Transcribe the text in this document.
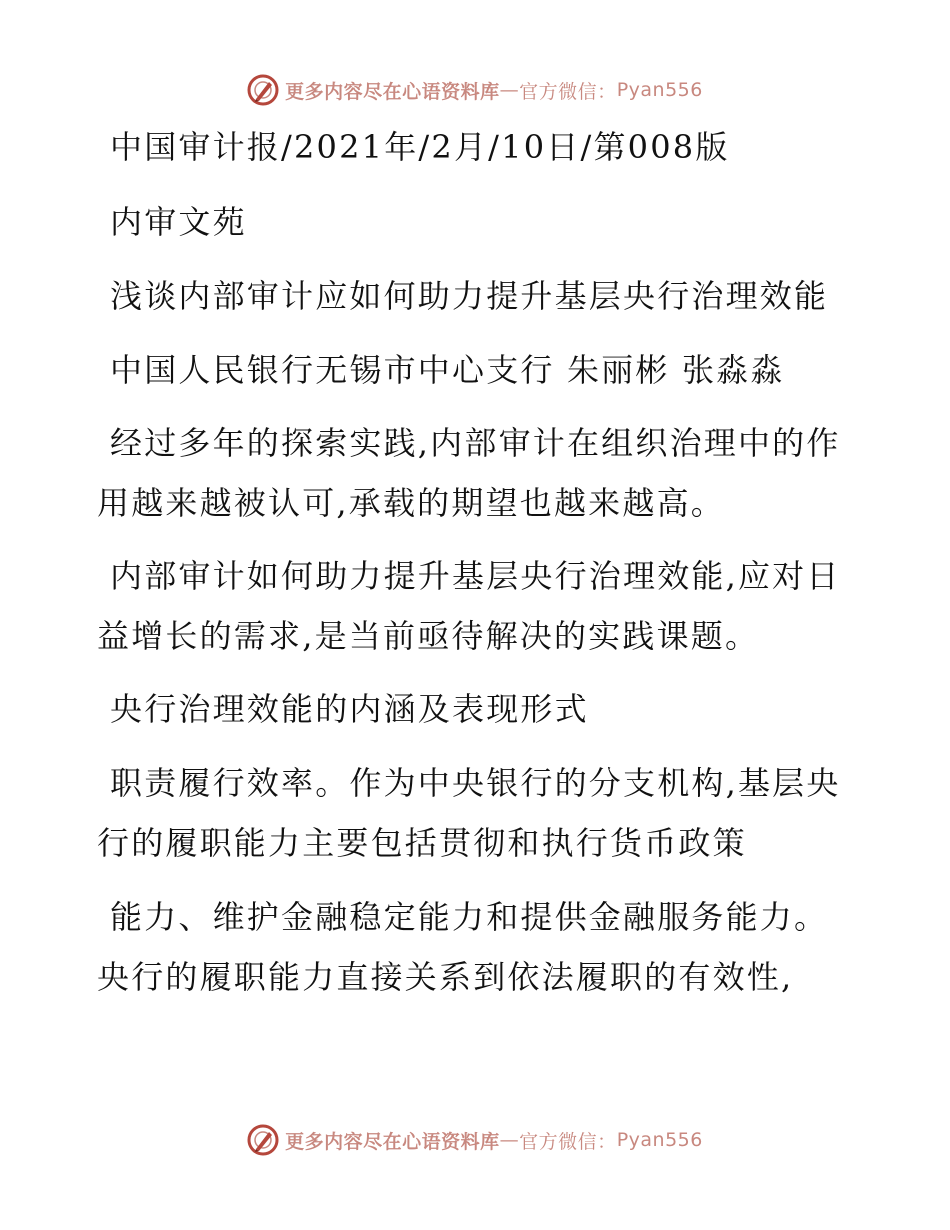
更多内容尽在心语资料库 — 官方微信： Pyan556
中国审计报/2021年/2月/10日/第008版
内审文苑
浅谈内部审计应如何助力提升基层央行治理效能
中国人民银行无锡市中心支行 朱丽彬 张淼淼
经过多年的探索实践,内部审计在组织治理中的作
用越来越被认可,承载的期望也越来越高。
内部审计如何助力提升基层央行治理效能,应对日
益增长的需求,是当前亟待解决的实践课题。
央行治理效能的内涵及表现形式
职责履行效率。作为中央银行的分支机构,基层央
行的履职能力主要包括贯彻和执行货币政策
能力、维护金融稳定能力和提供金融服务能力。
央行的履职能力直接关系到依法履职的有效性,
更多内容尽在心语资料库 — 官方微信： Pyan556
